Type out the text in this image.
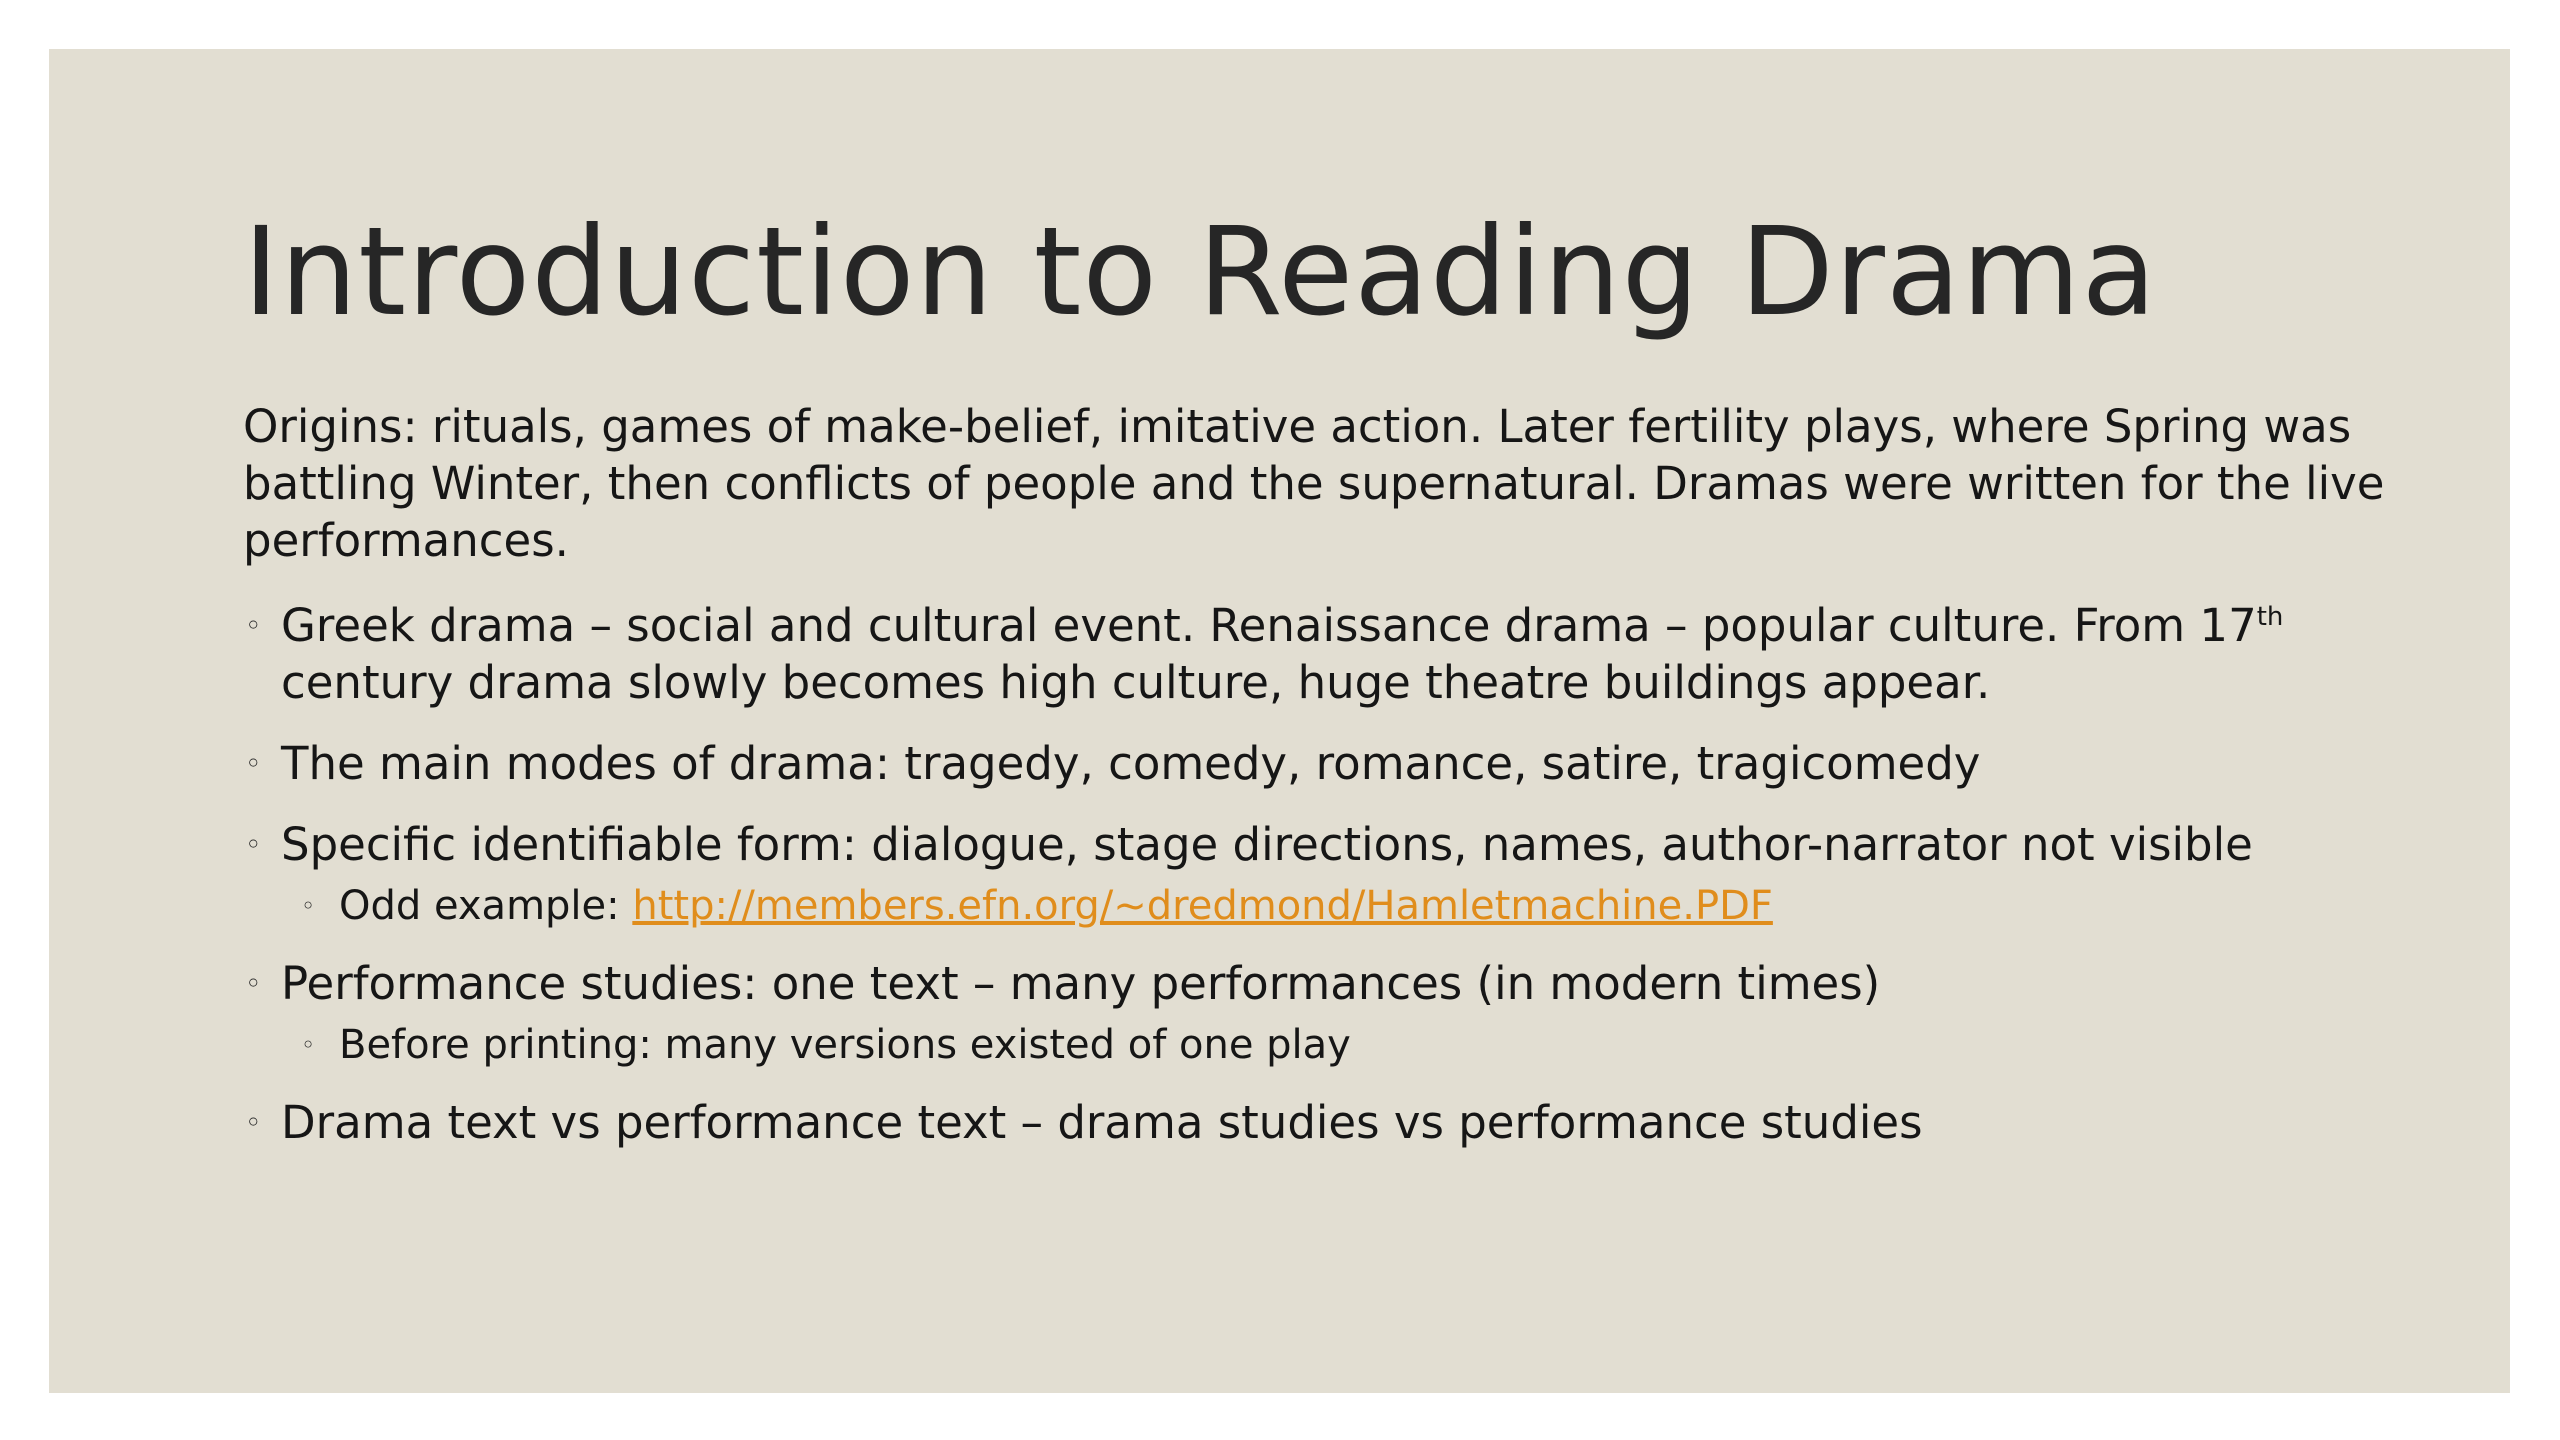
Introduction to Reading Drama

Origins: rituals, games of make-belief, imitative action. Later fertility plays, where Spring was battling Winter, then conflicts of people and the supernatural. Dramas were written for the live performances.

◦ Greek drama – social and cultural event. Renaissance drama – popular culture. From 17th century drama slowly becomes high culture, huge theatre buildings appear.
◦ The main modes of drama: tragedy, comedy, romance, satire, tragicomedy
◦ Specific identifiable form: dialogue, stage directions, names, author-narrator not visible
◦ Odd example: http://members.efn.org/~dredmond/Hamletmachine.PDF
◦ Performance studies: one text – many performances (in modern times)
◦ Before printing: many versions existed of one play
◦ Drama text vs performance text – drama studies vs performance studies
